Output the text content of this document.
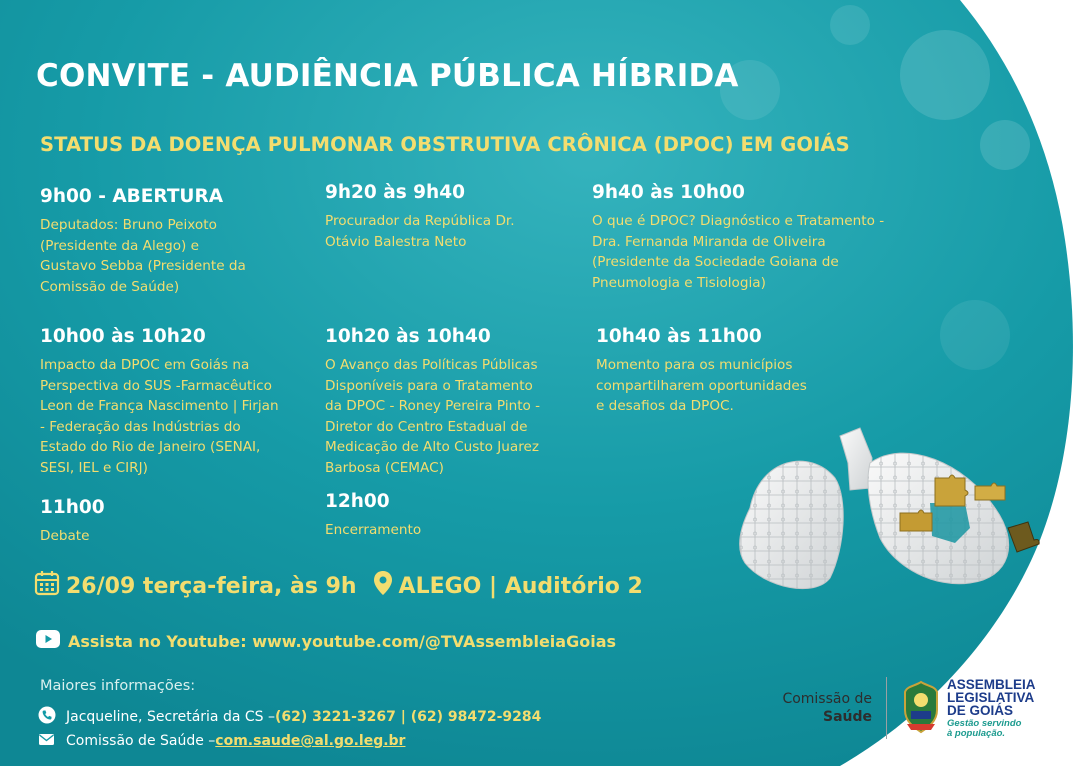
CONVITE - AUDIÊNCIA PÚBLICA HÍBRIDA
STATUS DA DOENÇA PULMONAR OBSTRUTIVA CRÔNICA (DPOC) EM GOIÁS
9h00 - ABERTURA
Deputados: Bruno Peixoto
(Presidente da Alego) e
Gustavo Sebba (Presidente da
Comissão de Saúde)
9h20 às 9h40
Procurador da República Dr.
Otávio Balestra Neto
9h40 às 10h00
O que é DPOC? Diagnóstico e Tratamento -
Dra. Fernanda Miranda de Oliveira
(Presidente da Sociedade Goiana de
Pneumologia e Tisiologia)
10h00 às 10h20
Impacto da DPOC em Goiás na
Perspectiva do SUS -Farmacêutico
Leon de França Nascimento | Firjan
- Federação das Indústrias do
Estado do Rio de Janeiro (SENAI,
SESI, IEL e CIRJ)
10h20 às 10h40
O Avanço das Políticas Públicas
Disponíveis para o Tratamento
da DPOC - Roney Pereira Pinto -
Diretor do Centro Estadual de
Medicação de Alto Custo Juarez
Barbosa (CEMAC)
10h40 às 11h00
Momento para os municípios
compartilharem oportunidades
e desafios da DPOC.
11h00
Debate
12h00
Encerramento
26/09 terça-feira, às 9h ALEGO | Auditório 2
Assista no Youtube: www.youtube.com/@TVAssembleiaGoias
Maiores informações:
Jacqueline, Secretária da CS – (62) 3221-3267 | (62) 98472-9284
Comissão de Saúde – com.saude@al.go.leg.br
Comissão de
Saúde
ASSEMBLEIA
LEGISLATIVA
DE GOIÁS
Gestão servindo
à população.
